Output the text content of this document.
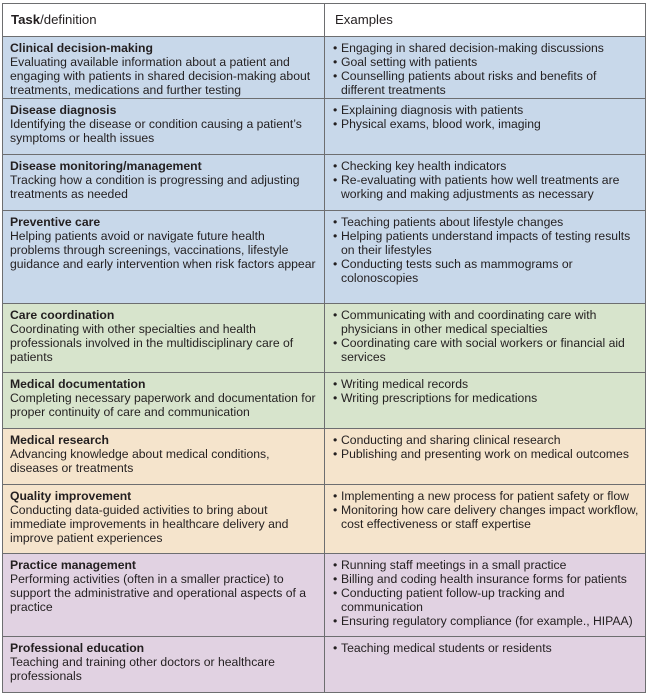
Task/definition	Examples
Clinical decision-making
Evaluating available information about a patient and engaging with patients in shared decision-making about treatments, medications and further testing
• Engaging in shared decision-making discussions
• Goal setting with patients
• Counselling patients about risks and benefits of different treatments
Disease diagnosis
Identifying the disease or condition causing a patient’s symptoms or health issues
• Explaining diagnosis with patients
• Physical exams, blood work, imaging
Disease monitoring/management
Tracking how a condition is progressing and adjusting treatments as needed
• Checking key health indicators
• Re-evaluating with patients how well treatments are working and making adjustments as necessary
Preventive care
Helping patients avoid or navigate future health problems through screenings, vaccinations, lifestyle guidance and early intervention when risk factors appear
• Teaching patients about lifestyle changes
• Helping patients understand impacts of testing results on their lifestyles
• Conducting tests such as mammograms or colonoscopies
Care coordination
Coordinating with other specialties and health professionals involved in the multidisciplinary care of patients
• Communicating with and coordinating care with physicians in other medical specialties
• Coordinating care with social workers or financial aid services
Medical documentation
Completing necessary paperwork and documentation for proper continuity of care and communication
• Writing medical records
• Writing prescriptions for medications
Medical research
Advancing knowledge about medical conditions, diseases or treatments
• Conducting and sharing clinical research
• Publishing and presenting work on medical outcomes
Quality improvement
Conducting data-guided activities to bring about immediate improvements in healthcare delivery and improve patient experiences
• Implementing a new process for patient safety or flow
• Monitoring how care delivery changes impact workflow, cost effectiveness or staff expertise
Practice management
Performing activities (often in a smaller practice) to support the administrative and operational aspects of a practice
• Running staff meetings in a small practice
• Billing and coding health insurance forms for patients
• Conducting patient follow-up tracking and communication
• Ensuring regulatory compliance (for example., HIPAA)
Professional education
Teaching and training other doctors or healthcare professionals
• Teaching medical students or residents
